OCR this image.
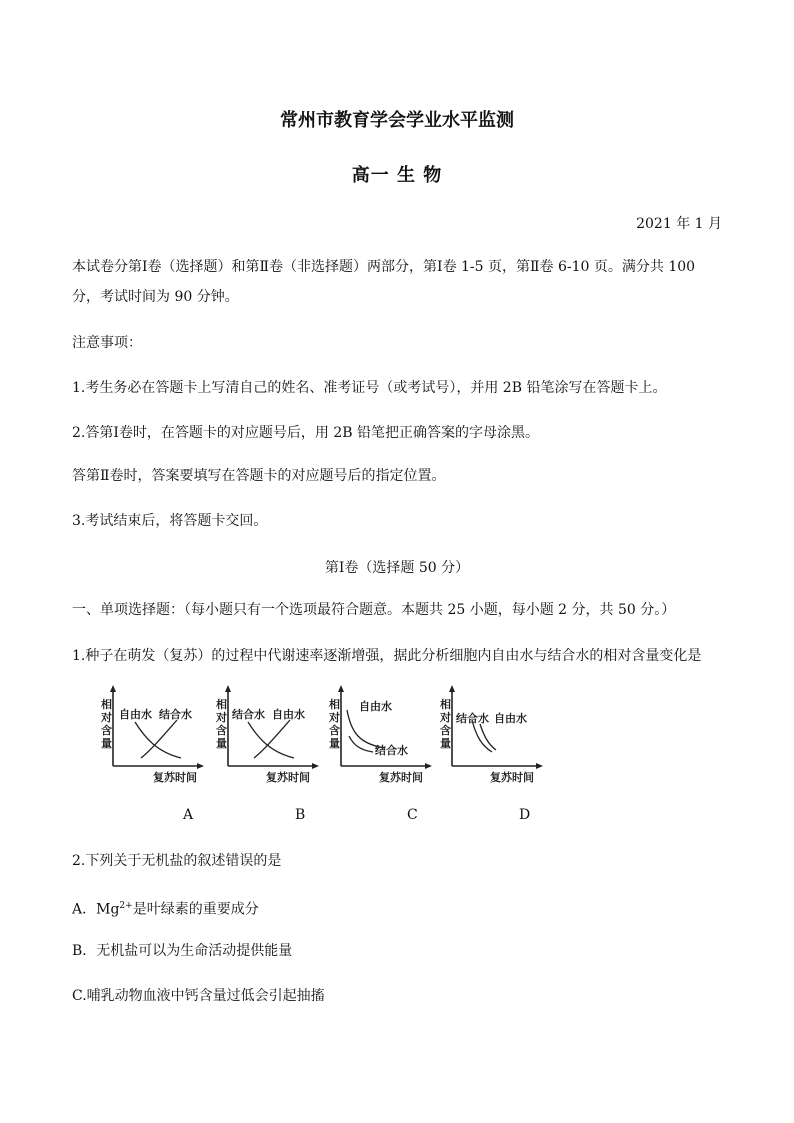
常州市教育学会学业水平监测
高一 生 物
2021 年 1 月
本试卷分第Ⅰ卷（选择题）和第Ⅱ卷（非选择题）两部分，第Ⅰ卷 1-5 页，第Ⅱ卷 6-10 页。满分共 100
分，考试时间为 90 分钟。
注意事项：
1.考生务必在答题卡上写清自己的姓名、准考证号（或考试号），并用 2B 铅笔涂写在答题卡上。
2.答第Ⅰ卷时，在答题卡的对应题号后，用 2B 铅笔把正确答案的字母涂黑。
答第Ⅱ卷时，答案要填写在答题卡的对应题号后的指定位置。
3.考试结束后，将答题卡交回。
第Ⅰ卷（选择题 50 分）
一、单项选择题：（每小题只有一个选项最符合题意。本题共 25 小题，每小题 2 分，共 50 分。）
1.种子在萌发（复苏）的过程中代谢速率逐渐增强，据此分析细胞内自由水与结合水的相对含量变化是
相
对
含
量
自由水 结合水
复苏时间
相
对
含
量
结合水 自由水
复苏时间
相
对
含
量
自由水
结合水
复苏时间
相
对
含
量
结合水 自由水
复苏时间
A	B	C	D
2.下列关于无机盐的叙述错误的是
A．$Mg^{2+}$是叶绿素的重要成分
B．无机盐可以为生命活动提供能量
C.哺乳动物血液中钙含量过低会引起抽搐
